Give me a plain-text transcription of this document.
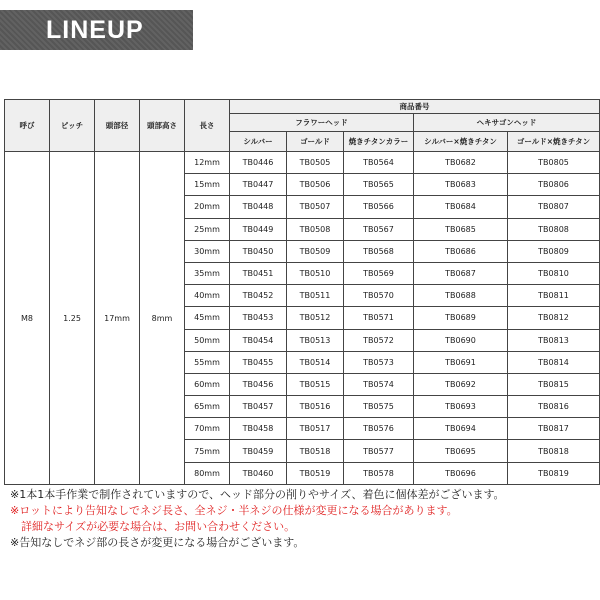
LINEUP
呼び	ピッチ	頭部径	頭部高さ	長さ	商品番号				
					フラワーヘッド			ヘキサゴンヘッド	
					シルバー	ゴールド	焼きチタンカラー	シルバー×焼きチタン	ゴールド×焼きチタン
M8	1.25	17mm	8mm	12mm	TB0446	TB0505	TB0564	TB0682	TB0805
				15mm	TB0447	TB0506	TB0565	TB0683	TB0806
				20mm	TB0448	TB0507	TB0566	TB0684	TB0807
				25mm	TB0449	TB0508	TB0567	TB0685	TB0808
				30mm	TB0450	TB0509	TB0568	TB0686	TB0809
				35mm	TB0451	TB0510	TB0569	TB0687	TB0810
				40mm	TB0452	TB0511	TB0570	TB0688	TB0811
				45mm	TB0453	TB0512	TB0571	TB0689	TB0812
				50mm	TB0454	TB0513	TB0572	TB0690	TB0813
				55mm	TB0455	TB0514	TB0573	TB0691	TB0814
				60mm	TB0456	TB0515	TB0574	TB0692	TB0815
				65mm	TB0457	TB0516	TB0575	TB0693	TB0816
				70mm	TB0458	TB0517	TB0576	TB0694	TB0817
				75mm	TB0459	TB0518	TB0577	TB0695	TB0818
				80mm	TB0460	TB0519	TB0578	TB0696	TB0819
※1本1本手作業で制作されていますので、ヘッド部分の削りやサイズ、着色に個体差がございます。
※ロットにより告知なしでネジ長さ、全ネジ・半ネジの仕様が変更になる場合があります。
　詳細なサイズが必要な場合は、お問い合わせください。
※告知なしでネジ部の長さが変更になる場合がございます。
